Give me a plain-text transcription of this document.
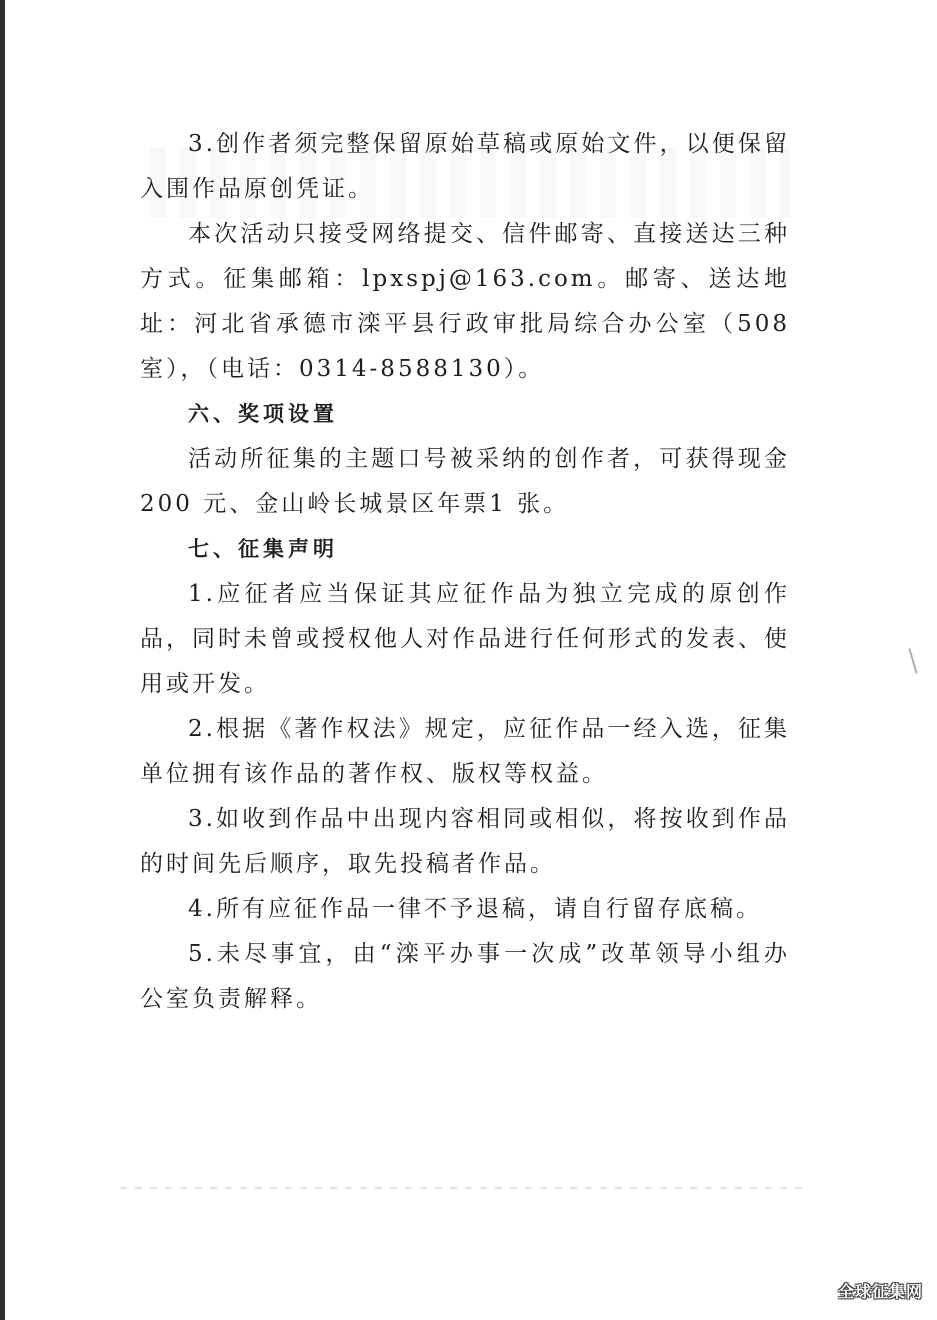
3.创作者须完整保留原始草稿或原始文件，以便保留入围作品原创凭证。

本次活动只接受网络提交、信件邮寄、直接送达三种方式。征集邮箱：lpxspj@163.com。邮寄、送达地址：河北省承德市滦平县行政审批局综合办公室（508室），（电话：0314-8588130）。

六、奖项设置

活动所征集的主题口号被采纳的创作者，可获得现金200 元、金山岭长城景区年票1 张。

七、征集声明

1.应征者应当保证其应征作品为独立完成的原创作品，同时未曾或授权他人对作品进行任何形式的发表、使用或开发。

2.根据《著作权法》规定，应征作品一经入选，征集单位拥有该作品的著作权、版权等权益。

3.如收到作品中出现内容相同或相似，将按收到作品的时间先后顺序，取先投稿者作品。

4.所有应征作品一律不予退稿，请自行留存底稿。

5.未尽事宜，由“滦平办事一次成”改革领导小组办公室负责解释。

全球征集网
